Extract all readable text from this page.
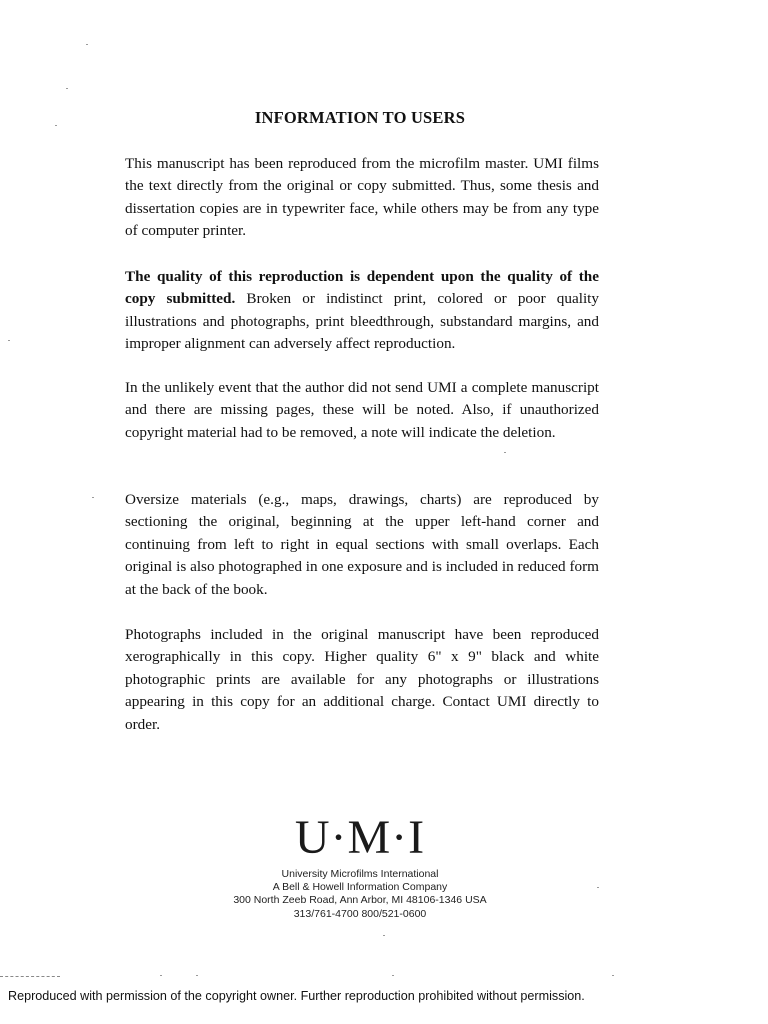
INFORMATION TO USERS
This manuscript has been reproduced from the microfilm master. UMI films the text directly from the original or copy submitted. Thus, some thesis and dissertation copies are in typewriter face, while others may be from any type of computer printer.
The quality of this reproduction is dependent upon the quality of the copy submitted. Broken or indistinct print, colored or poor quality illustrations and photographs, print bleedthrough, substandard margins, and improper alignment can adversely affect reproduction.
In the unlikely event that the author did not send UMI a complete manuscript and there are missing pages, these will be noted. Also, if unauthorized copyright material had to be removed, a note will indicate the deletion.
Oversize materials (e.g., maps, drawings, charts) are reproduced by sectioning the original, beginning at the upper left-hand corner and continuing from left to right in equal sections with small overlaps. Each original is also photographed in one exposure and is included in reduced form at the back of the book.
Photographs included in the original manuscript have been reproduced xerographically in this copy. Higher quality 6" x 9" black and white photographic prints are available for any photographs or illustrations appearing in this copy for an additional charge. Contact UMI directly to order.
U·M·I
University Microfilms International
A Bell & Howell Information Company
300 North Zeeb Road, Ann Arbor, MI 48106-1346 USA
313/761-4700 800/521-0600
Reproduced with permission of the copyright owner. Further reproduction prohibited without permission.
